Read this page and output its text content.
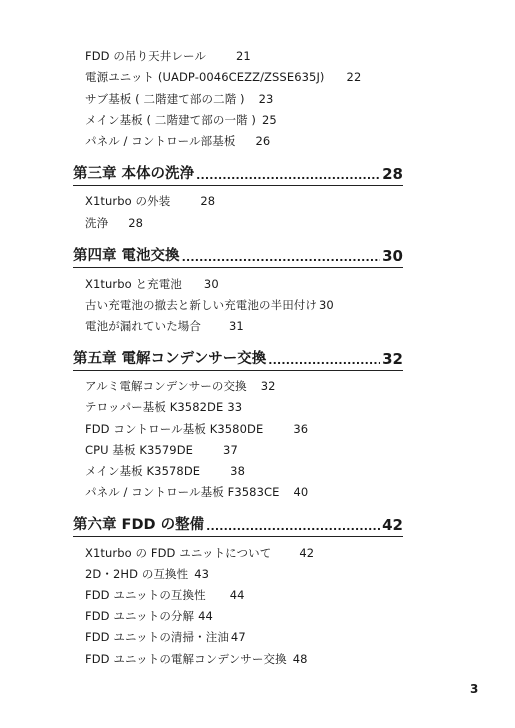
FDD の吊り天井レール	21
電源ユニット (UADP-0046CEZZ/ZSSE635J) 22
サブ基板 ( 二階建て部の二階 ) 23
メイン基板 ( 二階建て部の一階 ) 25
パネル / コントロール部基板 26
第三章 本体の洗浄 .....	28
X1turbo の外装	28
洗浄 28
第四章 電池交換 .....	30
X1turbo と充電池 30
古い充電池の撤去と新しい充電池の半田付け 30
電池が漏れていた場合 31
第五章 電解コンデンサー交換 .....	32
アルミ電解コンデンサーの交換 32
テロッパー基板 K3582DE 33
FDD コントロール基板 K3580DE	36
CPU 基板 K3579DE	37
メイン基板 K3578DE	38
パネル / コントロール基板 F3583CE 40
第六章 FDD の整備 .....	42
X1turbo の FDD ユニットについて 42
2D・2HD の互換性 43
FDD ユニットの互換性 44
FDD ユニットの分解 44
FDD ユニットの清掃・注油 47
FDD ユニットの電解コンデンサー交換 48
3
